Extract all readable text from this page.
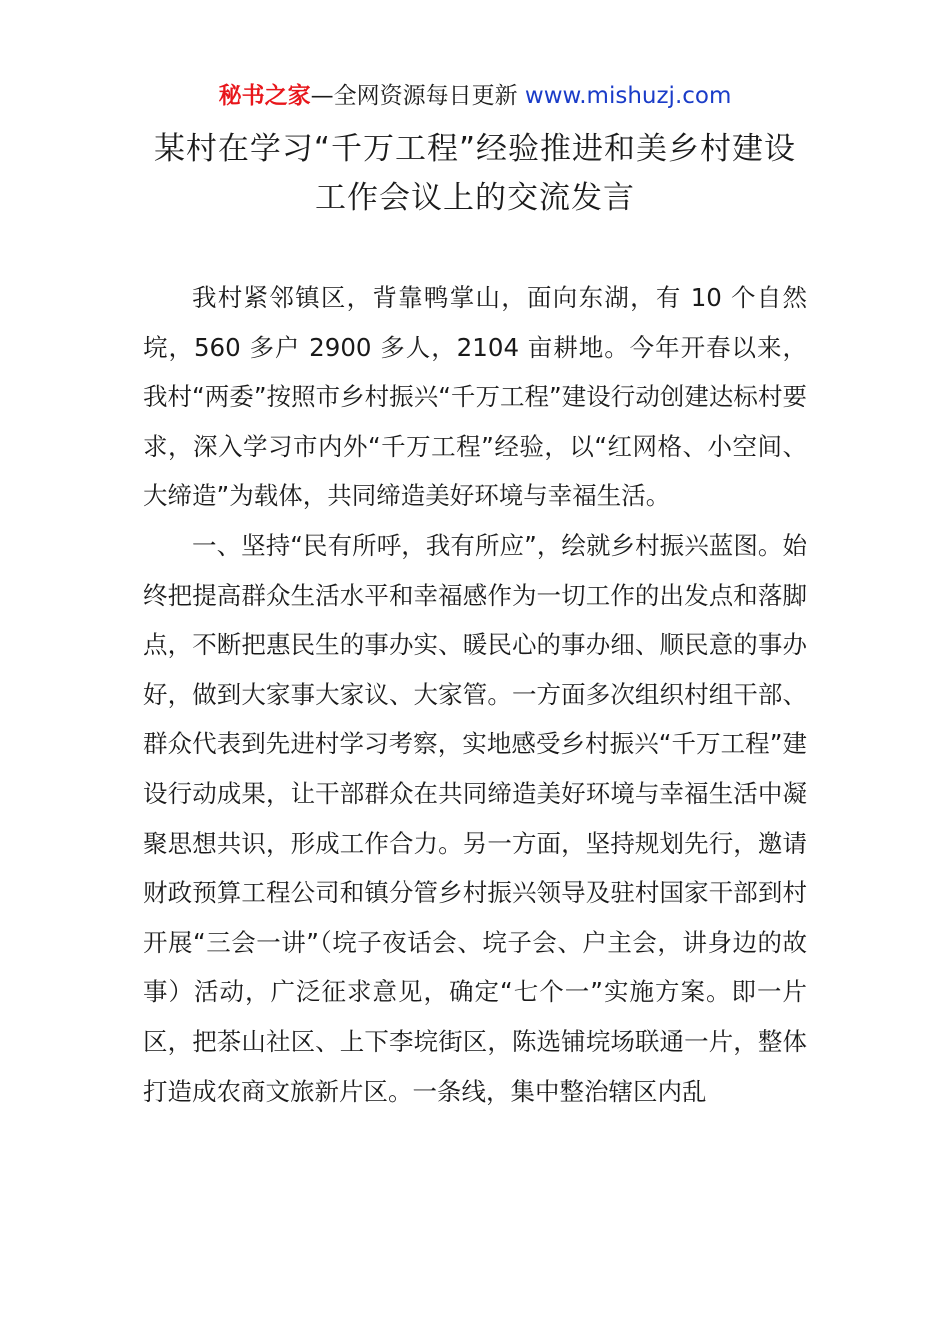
秘书之家—全网资源每日更新 www.mishuzj.com
某村在学习“千万工程”经验推进和美乡村建设工作会议上的交流发言

我村紧邻镇区，背靠鸭掌山，面向东湖，有 10 个自然垸，560 多户 2900 多人，2104 亩耕地。今年开春以来，我村“两委”按照市乡村振兴“千万工程”建设行动创建达标村要求，深入学习市内外“千万工程”经验，以“红网格、小空间、大缔造”为载体，共同缔造美好环境与幸福生活。

一、坚持“民有所呼，我有所应”，绘就乡村振兴蓝图。始终把提高群众生活水平和幸福感作为一切工作的出发点和落脚点，不断把惠民生的事办实、暖民心的事办细、顺民意的事办好，做到大家事大家议、大家管。一方面多次组织村组干部、群众代表到先进村学习考察，实地感受乡村振兴“千万工程”建设行动成果，让干部群众在共同缔造美好环境与幸福生活中凝聚思想共识，形成工作合力。另一方面，坚持规划先行，邀请财政预算工程公司和镇分管乡村振兴领导及驻村国家干部到村开展“三会一讲”（垸子夜话会、垸子会、户主会，讲身边的故事）活动，广泛征求意见，确定“七个一”实施方案。即一片区，把茶山社区、上下李垸街区，陈选铺垸场联通一片，整体打造成农商文旅新片区。一条线，集中整治辖区内乱
